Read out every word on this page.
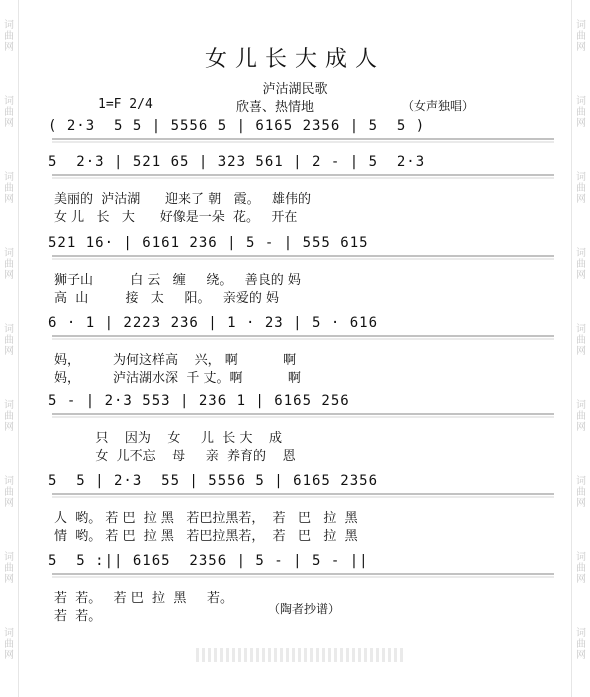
女儿长大成人
泸沽湖民歌
1=F 2/4	欣喜、热情地	（女声独唱）
( 2·3  5 5 | 5556 5 | 6165 2356 | 5  5 )
5  2·3 | 521 65 | 323 561 | 2 - | 5  2·3
美丽的  泸沽湖      迎来了 朝   霞。   雄伟的
女 儿   长   大      好像是一朵  花。   开在
521 16· | 6161 236 | 5 - | 555 615
狮子山         白 云   缠     绕。   善良的 妈
高  山         接   太     阳。   亲爱的 妈
6 · 1 | 2223 236 | 1 · 23 | 5 · 616
妈，        为何这样高    兴， 啊           啊
妈，        泸沽湖水深  千 丈。啊           啊
5 - | 2·3 553 | 236 1 | 6165 256
只    因为    女     儿  长 大    成
女  儿不忘    母     亲  养育的    恩
5  5 | 2·3  55 | 5556 5 | 6165 2356
人  哟。 若 巴  拉 黑   若巴拉黑若，  若   巴   拉  黑
情  哟。 若 巴  拉 黑   若巴拉黑若，  若   巴   拉  黑
5  5 :|| 6165  2356 | 5 - | 5 - ||
若  若。   若 巴  拉  黑     若。
若  若。	（陶者抄谱）
词
曲
网
词
曲
网
词
曲
网
词
曲
网
词
曲
网
词
曲
网
词
曲
网
词
曲
网
词
曲
网
词
曲
网
词
曲
网
词
曲
网
词
曲
网
词
曲
网
词
曲
网
词
曲
网
词
曲
网
词
曲
网
